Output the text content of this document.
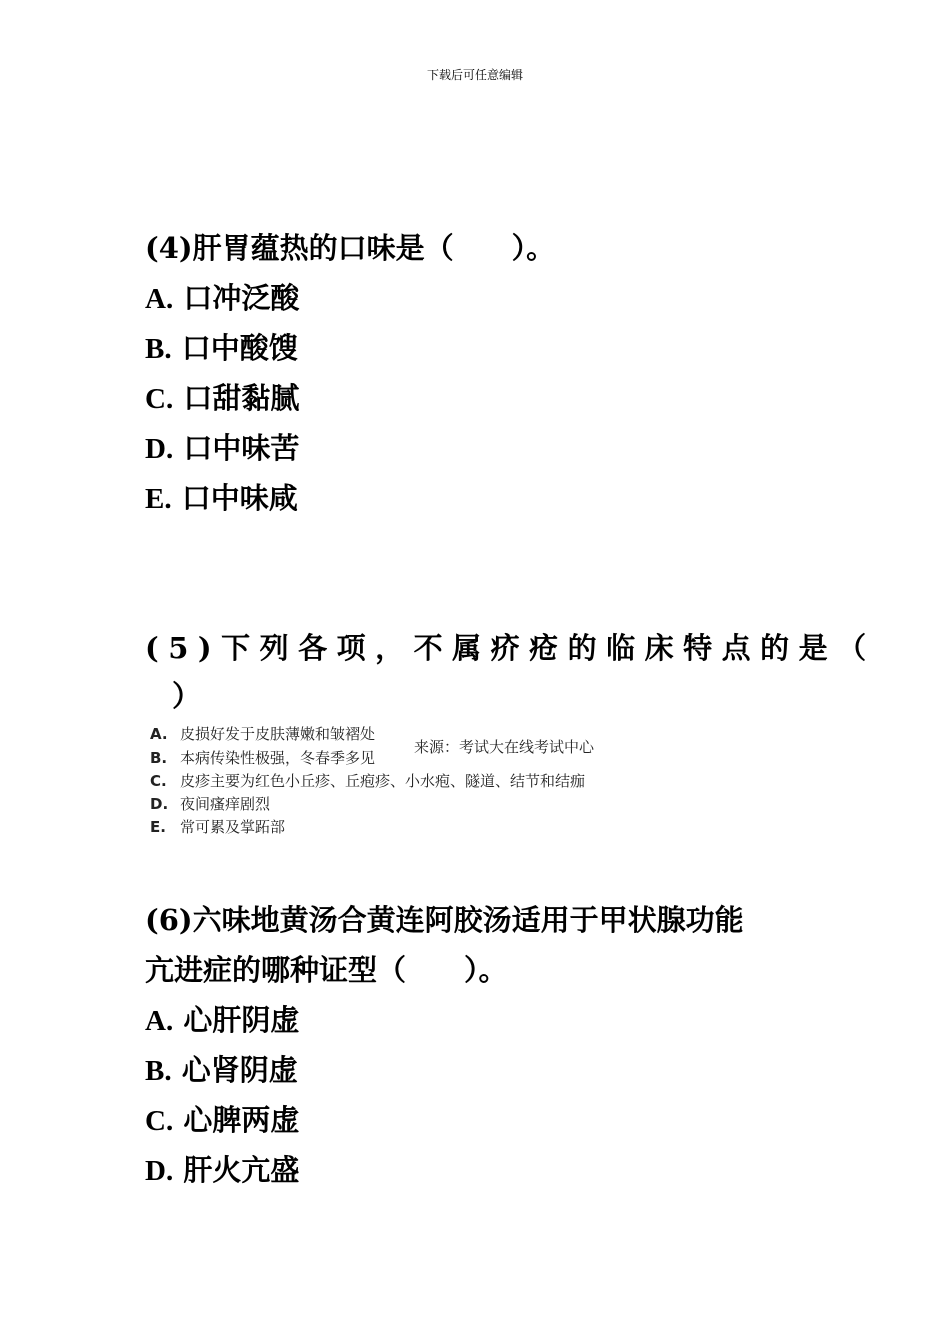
下载后可任意编辑
(4)肝胃蕴热的口味是（　　）。
A. 口冲泛酸
B. 口中酸馊
C. 口甜黏腻
D. 口中味苦
E. 口中味咸
(5)下列各项，不属疥疮的临床特点的是（
）
A. 皮损好发于皮肤薄嫩和皱褶处
来源：考试大在线考试中心
B. 本病传染性极强，冬春季多见
C. 皮疹主要为红色小丘疹、丘疱疹、小水疱、隧道、结节和结痂
D. 夜间瘙痒剧烈
E. 常可累及掌跖部
(6)六味地黄汤合黄连阿胶汤适用于甲状腺功能
亢进症的哪种证型（　　）。
A. 心肝阴虚
B. 心肾阴虚
C. 心脾两虚
D. 肝火亢盛
